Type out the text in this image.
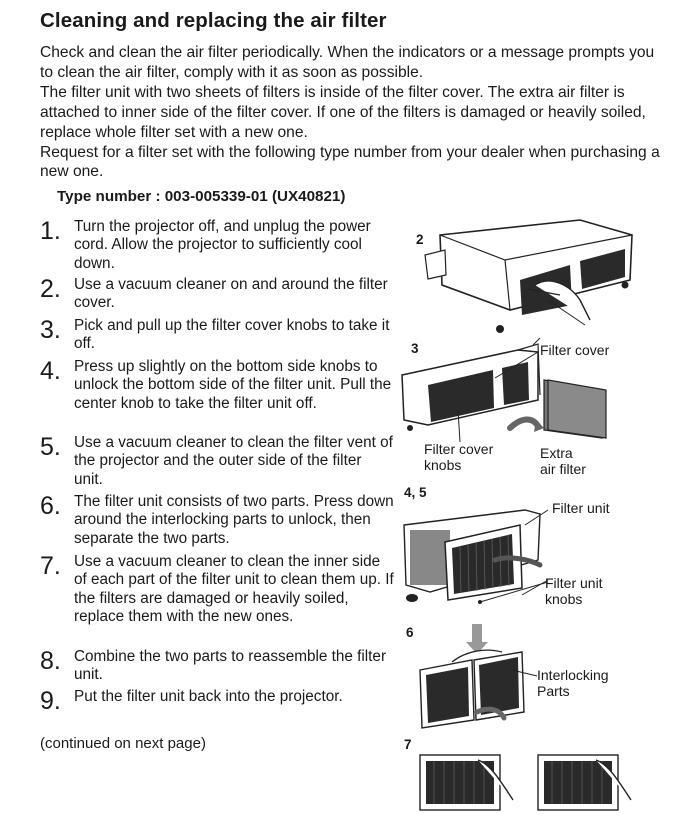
Cleaning and replacing the air filter

Check and clean the air filter periodically. When the indicators or a message prompts you to clean the air filter, comply with it as soon as possible.

The filter unit with two sheets of filters is inside of the filter cover. The extra air filter is attached to inner side of the filter cover. If one of the filters is damaged or heavily soiled, replace whole filter set with a new one.

Request for a filter set with the following type number from your dealer when purchasing a new one.

Type number : 003-005339-01 (UX40821)
1. Turn the projector off, and unplug the power cord. Allow the projector to sufficiently cool down.
2. Use a vacuum cleaner on and around the filter cover.
3. Pick and pull up the filter cover knobs to take it off.
4. Press up slightly on the bottom side knobs to unlock the bottom side of the filter unit. Pull the center knob to take the filter unit off.
5. Use a vacuum cleaner to clean the filter vent of the projector and the outer side of the filter unit.
6. The filter unit consists of two parts. Press down around the interlocking parts to unlock, then separate the two parts.
7. Use a vacuum cleaner to clean the inner side of each part of the filter unit to clean them up. If the filters are damaged or heavily soiled, replace them with the new ones.
8. Combine the two parts to reassemble the filter unit.
9. Put the filter unit back into the projector.
(continued on next page)
2
3
4, 5
6
7
Filter cover
Filter cover
knobs
Extra
air filter
Filter unit
Filter unit
knobs
Interlocking
Parts
